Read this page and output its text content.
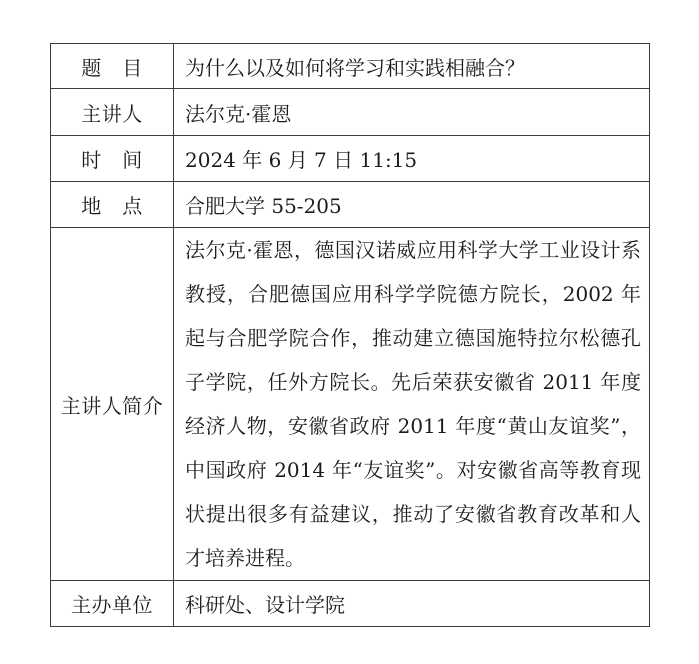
题　目	为什么以及如何将学习和实践相融合？
主讲人	法尔克·霍恩
时　间	2024 年 6 月 7 日 11:15
地　点	合肥大学 55-205
主讲人简介	法尔克·霍恩，德国汉诺威应用科学大学工业设计系教授，合肥德国应用科学学院德方院长，2002 年起与合肥学院合作，推动建立德国施特拉尔松德孔子学院，任外方院长。先后荣获安徽省 2011 年度经济人物，安徽省政府 2011 年度“黄山友谊奖”，中国政府 2014 年“友谊奖”。对安徽省高等教育现状提出很多有益建议，推动了安徽省教育改革和人才培养进程。
主办单位	科研处、设计学院
